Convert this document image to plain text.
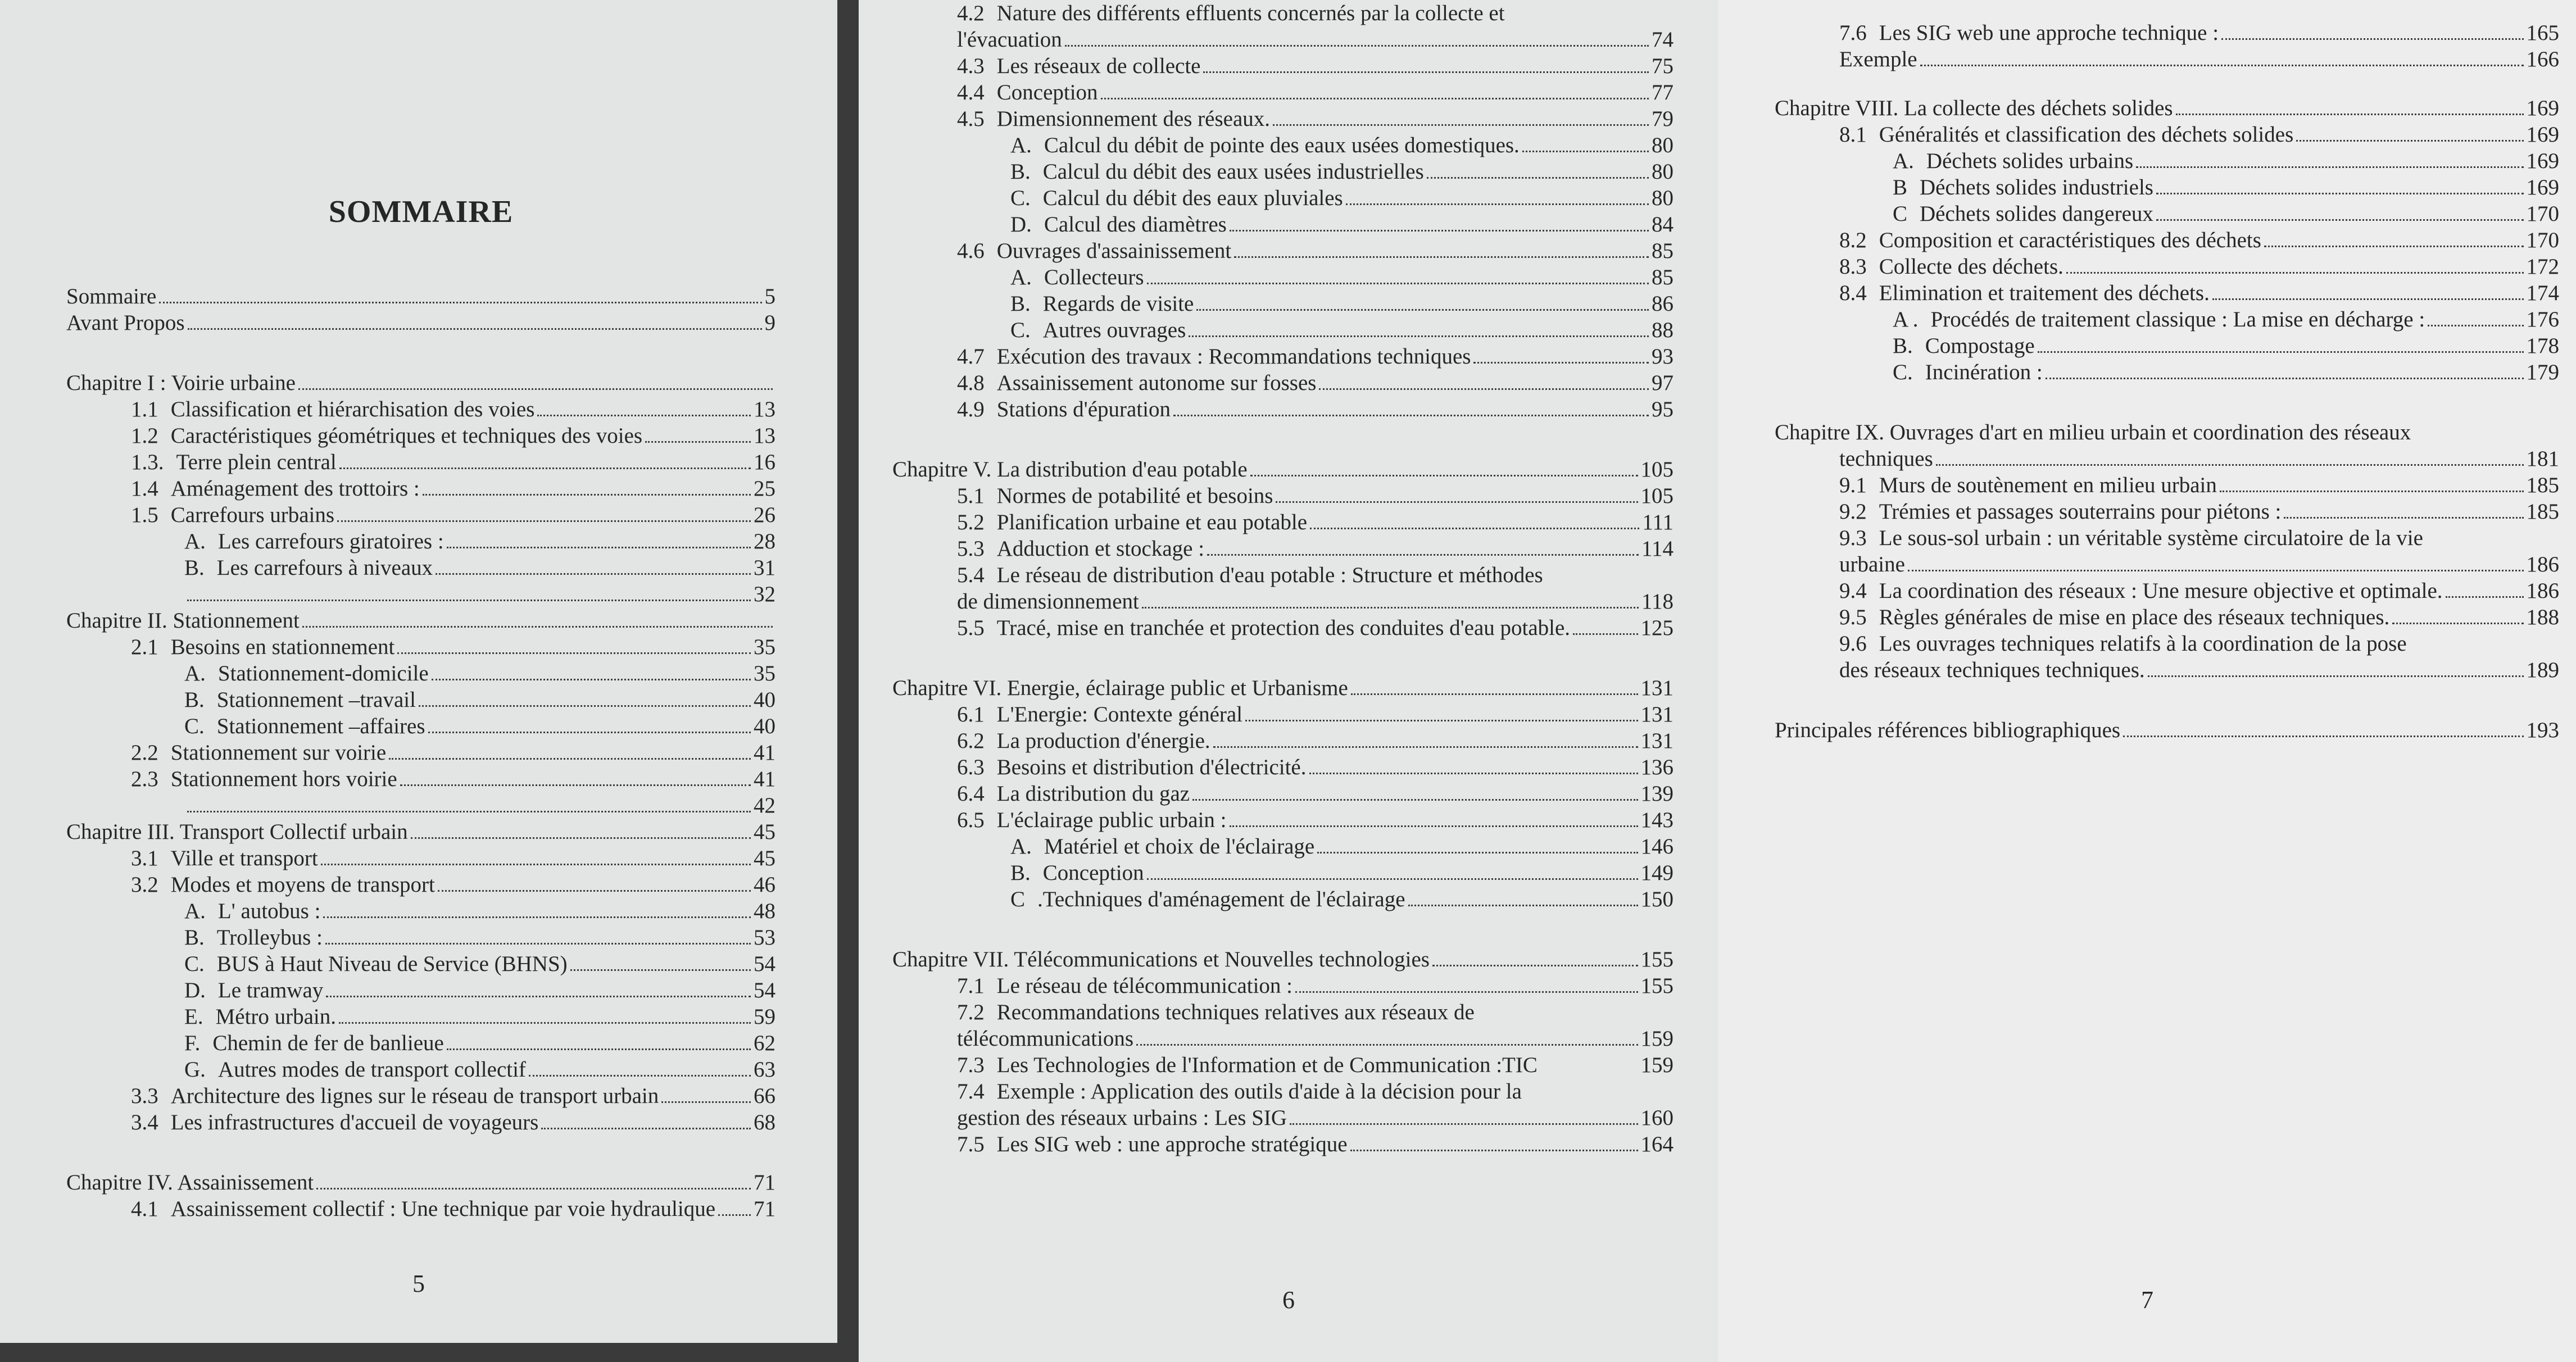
SOMMAIRE
Sommaire	5
Avant Propos	9
Chapitre I : Voirie urbaine
1.1 Classification et hiérarchisation des voies	13
1.2 Caractéristiques géométriques et techniques des voies	13
1.3. Terre plein central	16
1.4 Aménagement des trottoirs :	25
1.5 Carrefours urbains	26
A. Les carrefours giratoires :	28
B. Les carrefours à niveaux	31
32
Chapitre II. Stationnement
2.1 Besoins en stationnement	35
A. Stationnement-domicile	35
B. Stationnement –travail	40
C. Stationnement –affaires	40
2.2 Stationnement sur voirie	41
2.3 Stationnement hors voirie	41
42
Chapitre III. Transport Collectif urbain	45
3.1 Ville et transport	45
3.2 Modes et moyens de transport	46
A. L' autobus :	48
B. Trolleybus :	53
C. BUS à Haut Niveau de Service (BHNS)	54
D. Le tramway	54
E. Métro urbain.	59
F. Chemin de fer de banlieue	62
G. Autres modes de transport collectif	63
3.3 Architecture des lignes sur le réseau de transport urbain	66
3.4 Les infrastructures d'accueil de voyageurs	68
Chapitre IV. Assainissement	71
4.1 Assainissement collectif : Une technique par voie hydraulique 71
5
4.2 Nature des différents effluents concernés par la collecte et
l'évacuation	74
4.3 Les réseaux de collecte	75
4.4 Conception	77
4.5 Dimensionnement des réseaux.	79
A. Calcul du débit de pointe des eaux usées domestiques.	80
B. Calcul du débit des eaux usées industrielles	80
C. Calcul du débit des eaux pluviales	80
D. Calcul des diamètres	84
4.6 Ouvrages d'assainissement	85
A. Collecteurs	85
B. Regards de visite	86
C. Autres ouvrages	88
4.7 Exécution des travaux : Recommandations techniques	93
4.8 Assainissement autonome sur fosses	97
4.9 Stations d'épuration	95
Chapitre V. La distribution d'eau potable	105
5.1 Normes de potabilité et besoins	105
5.2 Planification urbaine et eau potable	111
5.3 Adduction et stockage :	114
5.4 Le réseau de distribution d'eau potable : Structure et méthodes
de dimensionnement	118
5.5 Tracé, mise en tranchée et protection des conduites d'eau potable.	125
Chapitre VI. Energie, éclairage public et Urbanisme	131
6.1 L'Energie: Contexte général	131
6.2 La production d'énergie.	131
6.3 Besoins et distribution d'électricité.	136
6.4 La distribution du gaz	139
6.5 L'éclairage public urbain :	143
A. Matériel et choix de l'éclairage	146
B. Conception	149
C .Techniques d'aménagement de l'éclairage	150
Chapitre VII. Télécommunications et Nouvelles technologies	155
7.1 Le réseau de télécommunication :	155
7.2 Recommandations techniques relatives aux réseaux de
télécommunications	159
7.3 Les Technologies de l'Information et de Communication :TIC	159
7.4 Exemple : Application des outils d'aide à la décision pour la
gestion des réseaux urbains : Les SIG	160
7.5 Les SIG web : une approche stratégique	164
6
7.6 Les SIG web une approche technique :	165
Exemple	166
Chapitre VIII. La collecte des déchets solides	169
8.1 Généralités et classification des déchets solides	169
A. Déchets solides urbains	169
B Déchets solides industriels	169
C Déchets solides dangereux	170
8.2 Composition et caractéristiques des déchets	170
8.3 Collecte des déchets.	172
8.4 Elimination et traitement des déchets.	174
A . Procédés de traitement classique : La mise en décharge :	176
B. Compostage	178
C. Incinération :	179
Chapitre IX. Ouvrages d'art en milieu urbain et coordination des réseaux
techniques	181
9.1 Murs de soutènement en milieu urbain	185
9.2 Trémies et passages souterrains pour piétons :	185
9.3 Le sous-sol urbain : un véritable système circulatoire de la vie
urbaine	186
9.4 La coordination des réseaux : Une mesure objective et optimale.	186
9.5 Règles générales de mise en place des réseaux techniques.	188
9.6 Les ouvrages techniques relatifs à la coordination de la pose
des réseaux techniques techniques.	189
Principales références bibliographiques	193
7
